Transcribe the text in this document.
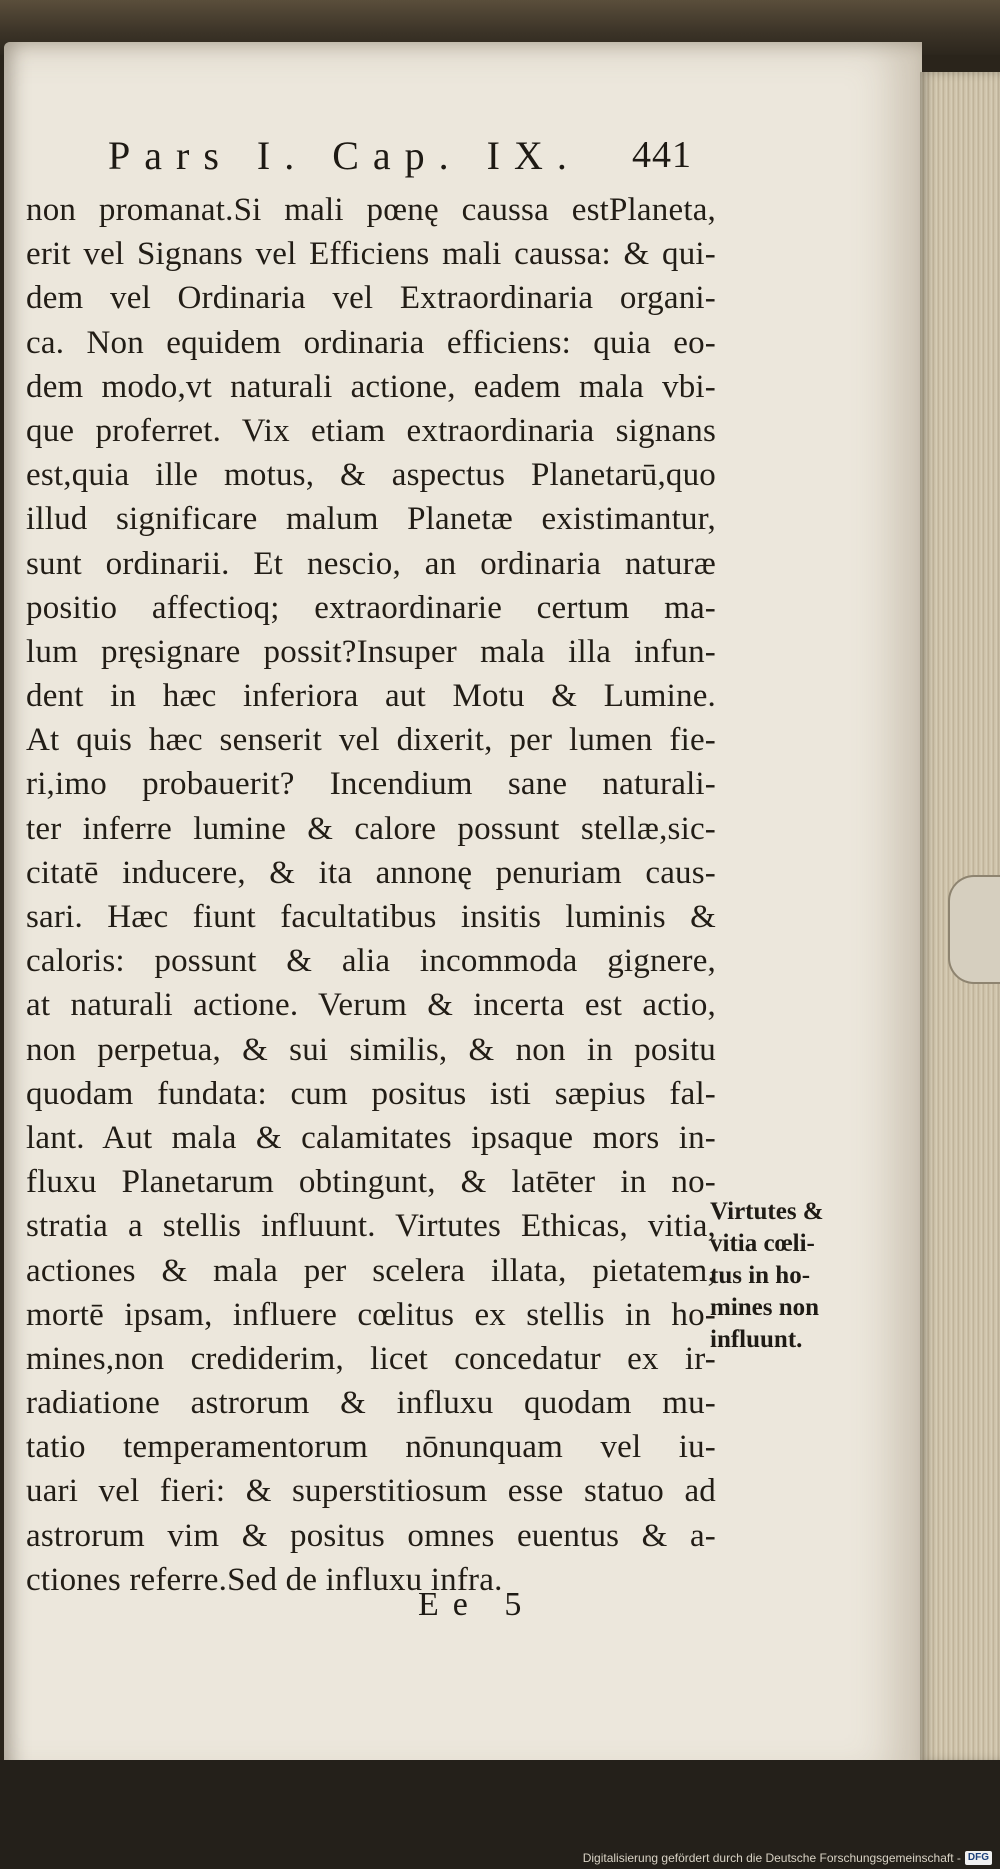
Pars I. Cap. IX.	441
non promanat.Si mali pœnę caussa estPlaneta,
erit vel Signans vel Efficiens mali caussa: & qui-
dem vel Ordinaria vel Extraordinaria organi-
ca. Non equidem ordinaria efficiens: quia eo-
dem modo,vt naturali actione, eadem mala vbi-
que proferret. Vix etiam extraordinaria signans
est,quia ille motus, & aspectus Planetarū,quo
illud significare malum Planetæ existimantur,
sunt ordinarii. Et nescio, an ordinaria naturæ
positio affectioq; extraordinarie certum ma-
lum pręsignare possit?Insuper mala illa infun-
dent in hæc inferiora aut Motu & Lumine.
At quis hæc senserit vel dixerit, per lumen fie-
ri,imo probauerit? Incendium sane naturali-
ter inferre lumine & calore possunt stellæ,sic-
citatē inducere, & ita annonę penuriam caus-
sari. Hæc fiunt facultatibus insitis luminis &
caloris: possunt & alia incommoda gignere,
at naturali actione. Verum & incerta est actio,
non perpetua, & sui similis, & non in positu
quodam fundata: cum positus isti sæpius fal-
lant. Aut mala & calamitates ipsaque mors in-
fluxu Planetarum obtingunt, & latēter in no-
stratia a stellis influunt. Virtutes Ethicas, vitia,
actiones & mala per scelera illata, pietatem,
mortē ipsam, influere cœlitus ex stellis in ho-
mines,non crediderim, licet concedatur ex ir-
radiatione astrorum & influxu quodam mu-
tatio temperamentorum nōnunquam vel iu-
uari vel fieri: & superstitiosum esse statuo ad
astrorum vim & positus omnes euentus & a-
ctiones referre.Sed de influxu infra.
Virtutes &
vitia cœli-
tus in ho-
mines non
influunt.
Ee 5
Digitalisierung gefördert durch die Deutsche Forschungsgemeinschaft - DFG
